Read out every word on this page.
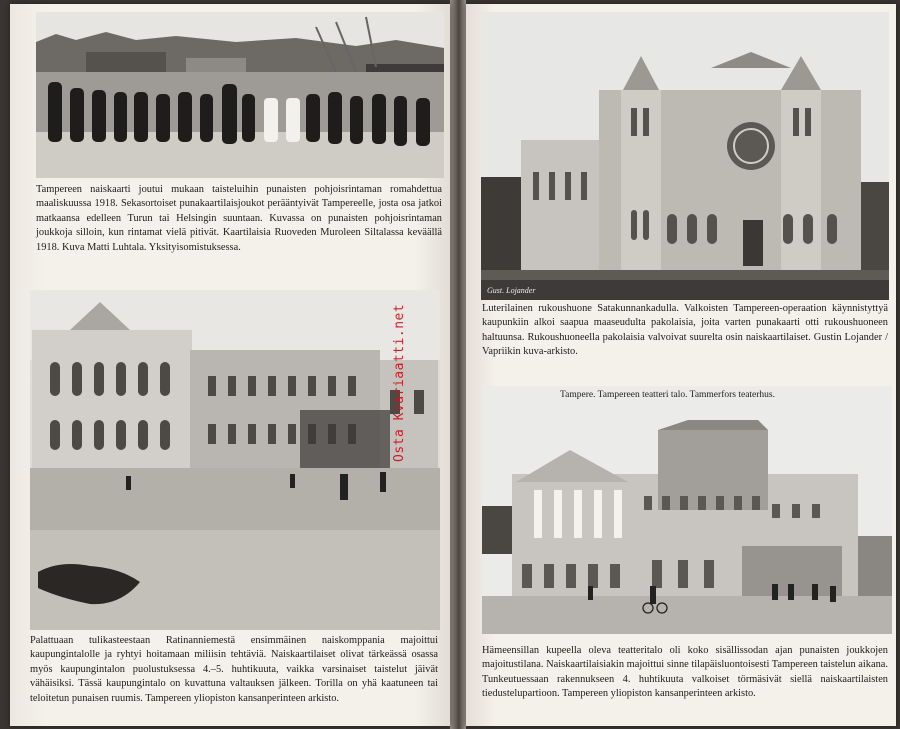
Tampereen naiskaarti joutui mukaan taisteluihin punaisten pohjoisrintaman romahdettua maaliskuussa 1918. Sekasortoiset punakaartilaisjoukot perääntyivät Tampereelle, josta osa jatkoi matkaansa edelleen Turun tai Helsingin suuntaan. Kuvassa on punaisten pohjoisrintaman joukkoja silloin, kun rintamat vielä pitivät. Kaartilaisia Ruoveden Muroleen Siltalassa keväällä 1918. Kuva Matti Luhtala. Yksityisomistuksessa.

Osta Kvariaatti.net

Palattuaan tulikasteestaan Ratinanniemestä ensimmäinen naiskomppania majoittui kaupungintalolle ja ryhtyi hoitamaan miliisin tehtäviä. Naiskaartilaiset olivat tärkeässä osassa myös kaupungintalon puolustuksessa 4.–5. huhtikuuta, vaikka varsinaiset taistelut jäivät vähäisiksi. Tässä kaupungintalo on kuvattuna valtauksen jälkeen. Torilla on yhä kaatuneen tai teloitetun punaisen ruumis. Tampereen yliopiston kansanperinteen arkisto.

Gust. Lojander

Luterilainen rukoushuone Satakunnankadulla. Valkoisten Tampereen-operaation käynnistyttyä kaupunkiin alkoi saapua maaseudulta pakolaisia, joita varten punakaarti otti rukoushuoneen haltuunsa. Rukoushuoneella pakolaisia valvoivat suurelta osin naiskaartilaiset. Gustin Lojander / Vapriikin kuva-arkisto.

Tampere. Tampereen teatteri talo. Tammerfors teaterhus.

Hämeensillan kupeella oleva teatteritalo oli koko sisällissodan ajan punaisten joukkojen majoitustilana. Naiskaartilaisiakin majoittui sinne tilapäisluontoisesti Tampereen taistelun aikana. Tunkeutuessaan rakennukseen 4. huhtikuuta valkoiset törmäsivät siellä naiskaartilaisten tiedustelupartioon. Tampereen yliopiston kansanperinteen arkisto.
